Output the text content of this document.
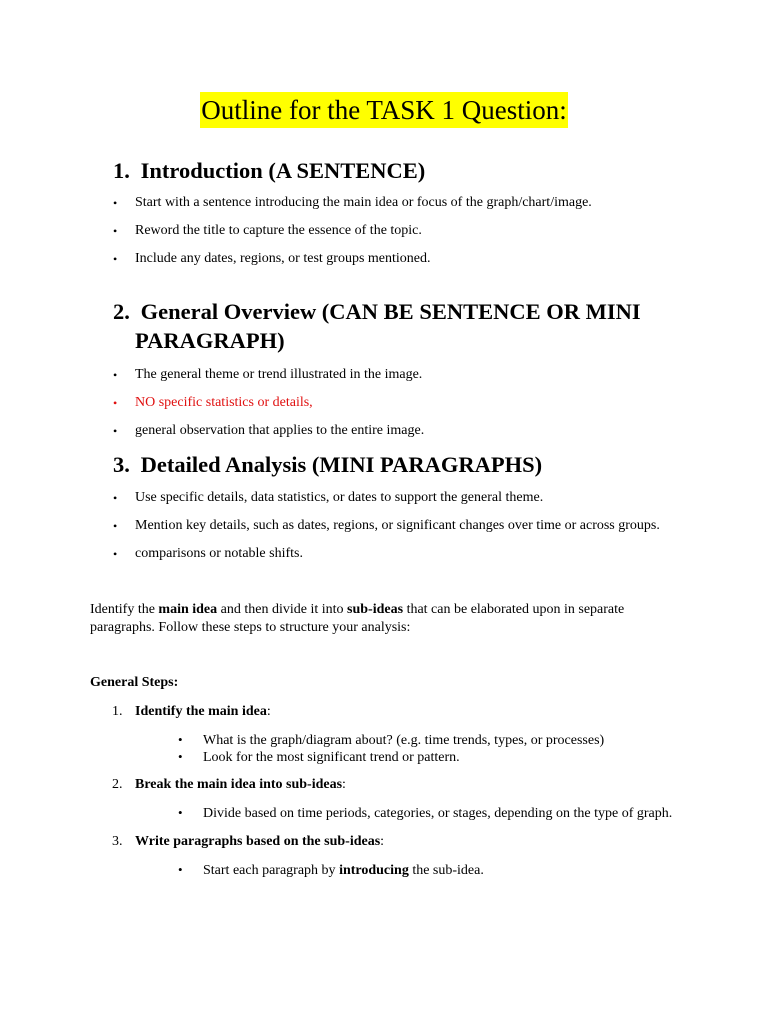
Outline for the TASK 1 Question:
1. Introduction (A SENTENCE)
• Start with a sentence introducing the main idea or focus of the graph/chart/image.
• Reword the title to capture the essence of the topic.
• Include any dates, regions, or test groups mentioned.
2. General Overview (CAN BE SENTENCE OR MINI
PARAGRAPH)
• The general theme or trend illustrated in the image.
• NO specific statistics or details,
• general observation that applies to the entire image.
3. Detailed Analysis (MINI PARAGRAPHS)
• Use specific details, data statistics, or dates to support the general theme.
• Mention key details, such as dates, regions, or significant changes over time or across groups.
• comparisons or notable shifts.
Identify the main idea and then divide it into sub-ideas that can be elaborated upon in separate
paragraphs. Follow these steps to structure your analysis:
General Steps:
1. Identify the main idea:
• What is the graph/diagram about? (e.g. time trends, types, or processes)
• Look for the most significant trend or pattern.
2. Break the main idea into sub-ideas:
• Divide based on time periods, categories, or stages, depending on the type of graph.
3. Write paragraphs based on the sub-ideas:
• Start each paragraph by introducing the sub-idea.
